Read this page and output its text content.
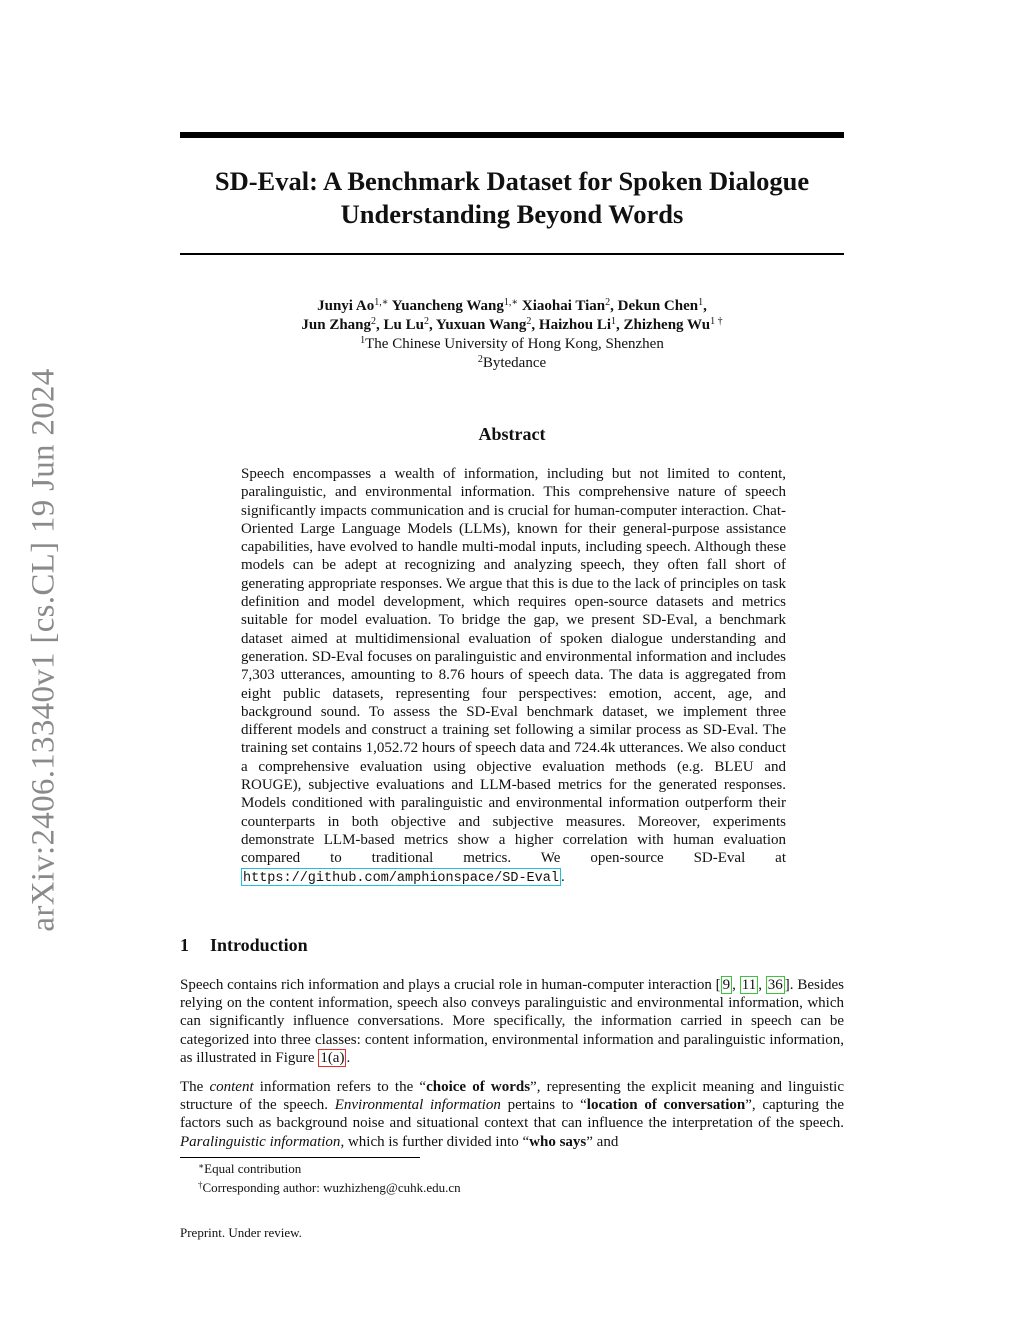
arXiv:2406.13340v1 [cs.CL] 19 Jun 2024
SD-Eval: A Benchmark Dataset for Spoken Dialogue Understanding Beyond Words
Junyi $Ao^{1,∗}$ Yuancheng Wang$^{1,∗}$ Xiaohai Tian$^2$, Dekun Chen$^1$,
Jun Zhang$^2$, Lu Lu$^2$, Yuxuan Wang$^2$, Haizhou Li$^1$, Zhizheng $Wu^{1 \dagger}$
$^1$The Chinese University of Hong Kong, Shenzhen
$^2$Bytedance
Abstract

Speech encompasses a wealth of information, including but not limited to content, paralinguistic, and environmental information. This comprehensive nature of speech significantly impacts communication and is crucial for human-computer interaction. Chat-Oriented Large Language Models (LLMs), known for their general-purpose assistance capabilities, have evolved to handle multi-modal inputs, including speech. Although these models can be adept at recognizing and analyzing speech, they often fall short of generating appropriate responses. We argue that this is due to the lack of principles on task definition and model development, which requires open-source datasets and metrics suitable for model evaluation. To bridge the gap, we present SD-Eval, a benchmark dataset aimed at multidimensional evaluation of spoken dialogue understanding and generation. SD-Eval focuses on paralinguistic and environmental information and includes 7,303 utterances, amounting to 8.76 hours of speech data. The data is aggregated from eight public datasets, representing four perspectives: emotion, accent, age, and background sound. To assess the SD-Eval benchmark dataset, we implement three different models and construct a training set following a similar process as SD-Eval. The training set contains 1,052.72 hours of speech data and 724.4k utterances. We also conduct a comprehensive evaluation using objective evaluation methods (e.g. BLEU and ROUGE), subjective evaluations and LLM-based metrics for the generated responses. Models conditioned with paralinguistic and environmental information outperform their counterparts in both objective and subjective measures. Moreover, experiments demonstrate LLM-based metrics show a higher correlation with human evaluation compared to traditional metrics. We open-source SD-Eval at https://github.com/amphionspace/SD-Eval .

1 Introduction

Speech contains rich information and plays a crucial role in human-computer interaction [ 9 , 11 , 36 ]. Besides relying on the content information, speech also conveys paralinguistic and environmental information, which can significantly influence conversations. More specifically, the information carried in speech can be categorized into three classes: content information, environmental information and paralinguistic information, as illustrated in Figure 1(a) .

The content information refers to the “choice of words”, representing the explicit meaning and linguistic structure of the speech. Environmental information pertains to “location of conversation”, capturing the factors such as background noise and situational context that can influence the interpretation of the speech. Paralinguistic information, which is further divided into “who says” and

∗Equal contribution
†Corresponding author: wuzhizheng@cuhk.edu.cn
Preprint. Under review.
